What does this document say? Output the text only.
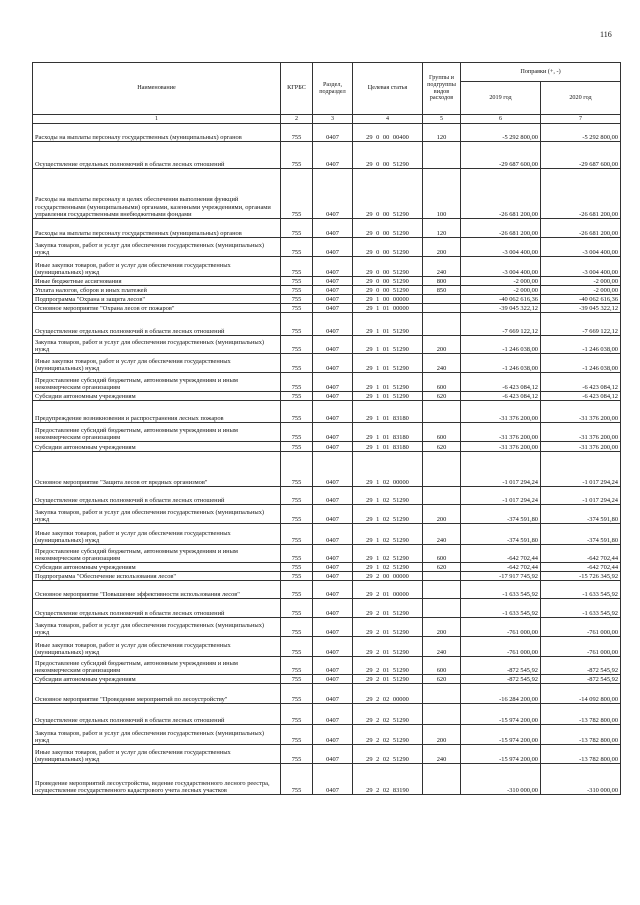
116
Наименование	КГРБС	Раздел, подраздел	Целевая статья	Группы и подгруппы видов расходов	Поправки (+, -)	
					2019 год	2020 год
1	2	3	4	5	6	7
Расходы на выплаты персоналу государственных (муниципальных) органов	755	0407	29 0 00 00400	120	-5 292 800,00	-5 292 800,00
Осуществление отдельных полномочий в области лесных отношений	755	0407	29 0 00 51290		-29 687 600,00	-29 687 600,00
Расходы на выплаты персоналу в целях обеспечения выполнения функций государственными (муниципальными) органами, казенными учреждениями, органами управления государственными внебюджетными фондами	755	0407	29 0 00 51290	100	-26 681 200,00	-26 681 200,00
Расходы на выплаты персоналу государственных (муниципальных) органов	755	0407	29 0 00 51290	120	-26 681 200,00	-26 681 200,00
Закупка товаров, работ и услуг для обеспечения государственных (муниципальных) нужд	755	0407	29 0 00 51290	200	-3 004 400,00	-3 004 400,00
Иные закупки товаров, работ и услуг для обеспечения государственных (муниципальных) нужд	755	0407	29 0 00 51290	240	-3 004 400,00	-3 004 400,00
Иные бюджетные ассигнования	755	0407	29 0 00 51290	800	-2 000,00	-2 000,00
Уплата налогов, сборов и иных платежей	755	0407	29 0 00 51290	850	-2 000,00	-2 000,00
Подпрограмма "Охрана и защита лесов"	755	0407	29 1 00 00000		-40 062 616,36	-40 062 616,36
Основное мероприятие "Охрана лесов от пожаров"	755	0407	29 1 01 00000		-39 045 322,12	-39 045 322,12
Осуществление отдельных полномочий в области лесных отношений	755	0407	29 1 01 51290		-7 669 122,12	-7 669 122,12
Закупка товаров, работ и услуг для обеспечения государственных (муниципальных) нужд	755	0407	29 1 01 51290	200	-1 246 038,00	-1 246 038,00
Иные закупки товаров, работ и услуг для обеспечения государственных (муниципальных) нужд	755	0407	29 1 01 51290	240	-1 246 038,00	-1 246 038,00
Предоставление субсидий бюджетным, автономным учреждениям и иным некоммерческим организациям	755	0407	29 1 01 51290	600	-6 423 084,12	-6 423 084,12
Субсидии автономным учреждениям	755	0407	29 1 01 51290	620	-6 423 084,12	-6 423 084,12
Предупреждение возникновения и распространения лесных пожаров	755	0407	29 1 01 83180		-31 376 200,00	-31 376 200,00
Предоставление субсидий бюджетным, автономным учреждениям и иным некоммерческим организациям	755	0407	29 1 01 83180	600	-31 376 200,00	-31 376 200,00
Субсидии автономным учреждениям	755	0407	29 1 01 83180	620	-31 376 200,00	-31 376 200,00
Основное мероприятие "Защита лесов от вредных организмов"	755	0407	29 1 02 00000		-1 017 294,24	-1 017 294,24
Осуществление отдельных полномочий в области лесных отношений	755	0407	29 1 02 51290		-1 017 294,24	-1 017 294,24
Закупка товаров, работ и услуг для обеспечения государственных (муниципальных) нужд	755	0407	29 1 02 51290	200	-374 591,80	-374 591,80
Иные закупки товаров, работ и услуг для обеспечения государственных (муниципальных) нужд	755	0407	29 1 02 51290	240	-374 591,80	-374 591,80
Предоставление субсидий бюджетным, автономным учреждениям и иным некоммерческим организациям	755	0407	29 1 02 51290	600	-642 702,44	-642 702,44
Субсидии автономным учреждениям	755	0407	29 1 02 51290	620	-642 702,44	-642 702,44
Подпрограмма "Обеспечение использования лесов"	755	0407	29 2 00 00000		-17 917 745,92	-15 726 345,92
Основное мероприятие "Повышение эффективности использования лесов"	755	0407	29 2 01 00000		-1 633 545,92	-1 633 545,92
Осуществление отдельных полномочий в области лесных отношений	755	0407	29 2 01 51290		-1 633 545,92	-1 633 545,92
Закупка товаров, работ и услуг для обеспечения государственных (муниципальных) нужд	755	0407	29 2 01 51290	200	-761 000,00	-761 000,00
Иные закупки товаров, работ и услуг для обеспечения государственных (муниципальных) нужд	755	0407	29 2 01 51290	240	-761 000,00	-761 000,00
Предоставление субсидий бюджетным, автономным учреждениям и иным некоммерческим организациям	755	0407	29 2 01 51290	600	-872 545,92	-872 545,92
Субсидии автономным учреждениям	755	0407	29 2 01 51290	620	-872 545,92	-872 545,92
Основное мероприятие "Проведение мероприятий по лесоустройству"	755	0407	29 2 02 00000		-16 284 200,00	-14 092 800,00
Осуществление отдельных полномочий в области лесных отношений	755	0407	29 2 02 51290		-15 974 200,00	-13 782 800,00
Закупка товаров, работ и услуг для обеспечения государственных (муниципальных) нужд	755	0407	29 2 02 51290	200	-15 974 200,00	-13 782 800,00
Иные закупки товаров, работ и услуг для обеспечения государственных (муниципальных) нужд	755	0407	29 2 02 51290	240	-15 974 200,00	-13 782 800,00
Проведение мероприятий лесоустройства, ведение государственного лесного реестра, осуществление государственного кадастрового учета лесных участков	755	0407	29 2 02 83190		-310 000,00	-310 000,00
